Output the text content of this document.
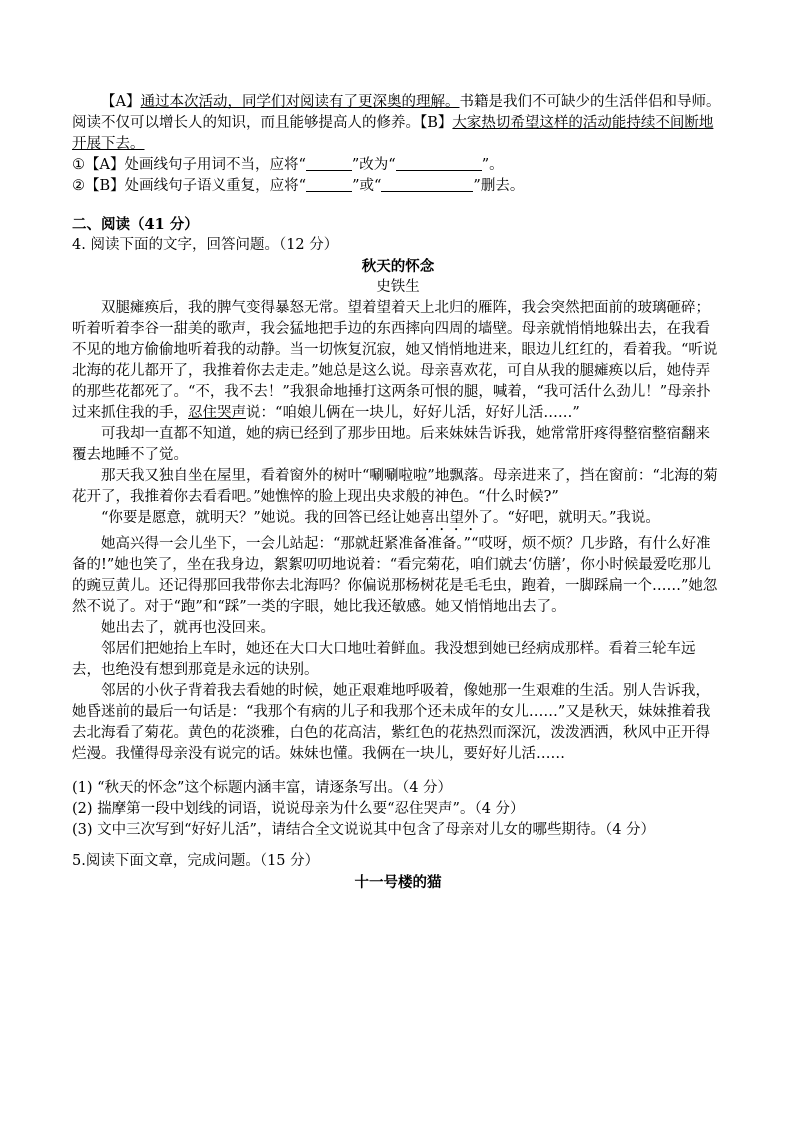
【A】通过本次活动，同学们对阅读有了更深奥的理解。书籍是我们不可缺少的生活伴侣和导师。阅读不仅可以增长人的知识，而且能够提高人的修养。【B】大家热切希望这样的活动能持续不间断地开展下去。

①【A】处画线句子用词不当，应将“	”改为“	”。

②【B】处画线句子语义重复，应将“	”或“	”删去。

二、阅读（41 分）

4. 阅读下面的文字，回答问题。（12 分）

秋天的怀念

史铁生

双腿瘫痪后，我的脾气变得暴怒无常。望着望着天上北归的雁阵，我会突然把面前的玻璃砸碎；听着听着李谷一甜美的歌声，我会猛地把手边的东西摔向四周的墙壁。母亲就悄悄地躲出去，在我看不见的地方偷偷地听着我的动静。当一切恢复沉寂，她又悄悄地进来，眼边儿红红的，看着我。“听说北海的花儿都开了，我推着你去走走。”她总是这么说。母亲喜欢花，可自从我的腿瘫痪以后，她侍弄的那些花都死了。“不，我不去！”我狠命地捶打这两条可恨的腿，喊着，“我可活什么劲儿！”母亲扑过来抓住我的手，忍住哭声说：“咱娘儿俩在一块儿，好好儿活，好好儿活……”

可我却一直都不知道，她的病已经到了那步田地。后来妹妹告诉我，她常常肝疼得整宿整宿翻来覆去地睡不了觉。

那天我又独自坐在屋里，看着窗外的树叶“唰唰啦啦”地飘落。母亲进来了，挡在窗前：“北海的菊花开了，我推着你去看看吧。”她憔悴的脸上现出央求般的神色。“什么时候?”

“你要是愿意，就明天？”她说。我的回答已经让她喜出望外了。“好吧，就明天。”我说。

她高兴得一会儿坐下，一会儿站起：“那就赶紧准备准备。”“哎呀，烦不烦？几步路，有什么好准备的!”她也笑了，坐在我身边，絮絮叨叨地说着：“看完菊花，咱们就去‘仿膳’，你小时候最爱吃那儿的豌豆黄儿。还记得那回我带你去北海吗？你偏说那杨树花是毛毛虫，跑着，一脚踩扁一个……”她忽然不说了。对于“跑”和“踩”一类的字眼，她比我还敏感。她又悄悄地出去了。

她出去了，就再也没回来。

邻居们把她抬上车时，她还在大口大口地吐着鲜血。我没想到她已经病成那样。看着三轮车远去，也绝没有想到那竟是永远的诀别。

邻居的小伙子背着我去看她的时候，她正艰难地呼吸着，像她那一生艰难的生活。别人告诉我，她昏迷前的最后一句话是：“我那个有病的儿子和我那个还未成年的女儿……”又是秋天，妹妹推着我去北海看了菊花。黄色的花淡雅，白色的花高洁，紫红色的花热烈而深沉，泼泼洒洒，秋风中正开得烂漫。我懂得母亲没有说完的话。妹妹也懂。我俩在一块儿，要好好儿活……

(1) “秋天的怀念”这个标题内涵丰富，请逐条写出。（4 分）

(2) 揣摩第一段中划线的词语，说说母亲为什么要“忍住哭声”。（4 分）

(3) 文中三次写到“好好儿活”，请结合全文说说其中包含了母亲对儿女的哪些期待。（4 分）

5.阅读下面文章，完成问题。（15 分）

十一号楼的猫
